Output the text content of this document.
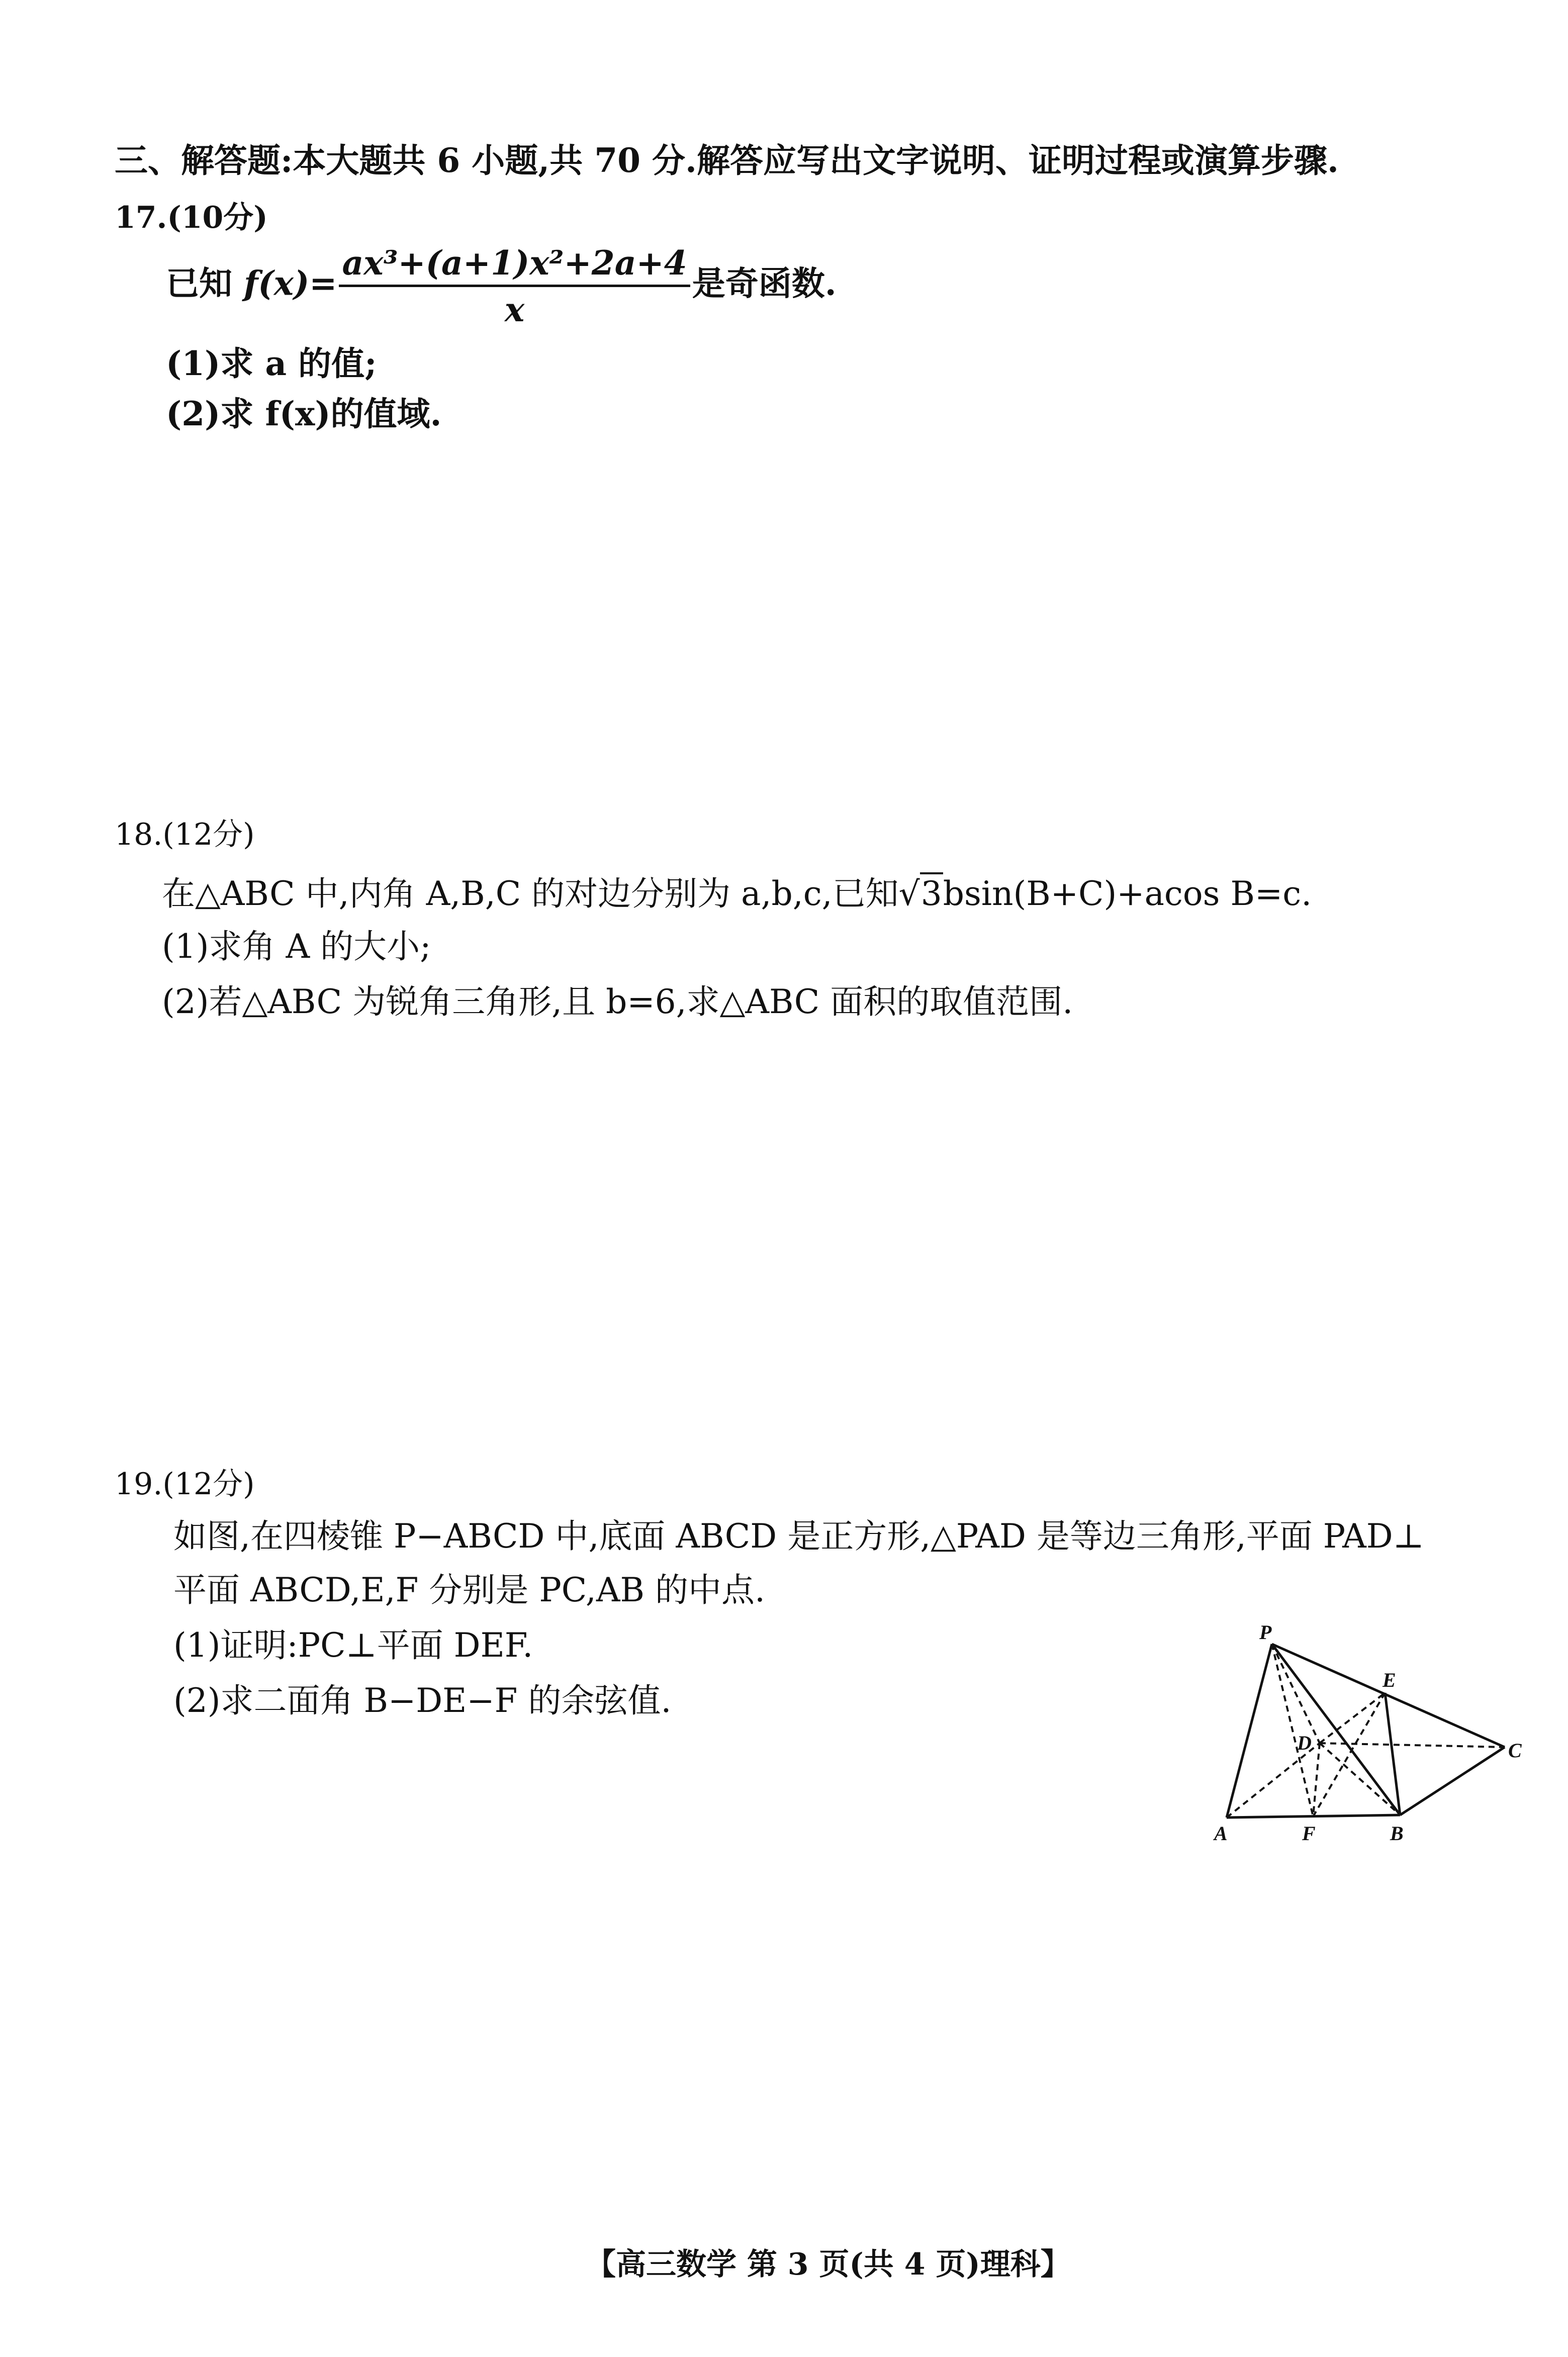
三、解答题:本大题共 6 小题,共 70 分.解答应写出文字说明、证明过程或演算步骤.
17.(10分)
已知 $f(x)= \frac{\text{ax³+(a+1)x²+2a+4}}{x}$ 是奇函数.
(1)求 a 的值;
(2)求 f(x)的值域.
18.(12分)
在△ABC 中,内角 A,B,C 的对边分别为 a,b,c,已知√3bsin(B+C)+acos B=c.
(1)求角 A 的大小;
(2)若△ABC 为锐角三角形,且 b=6,求△ABC 面积的取值范围.
19.(12分)
如图,在四棱锥 P−ABCD 中,底面 ABCD 是正方形,△PAD 是等边三角形,平面 PAD⊥
平面 ABCD,E,F 分别是 PC,AB 的中点.
(1)证明:PC⊥平面 DEF.
(2)求二面角 B−DE−F 的余弦值.
P
E
D	C
A	F	B
【高三数学 第 3 页(共 4 页)理科】
